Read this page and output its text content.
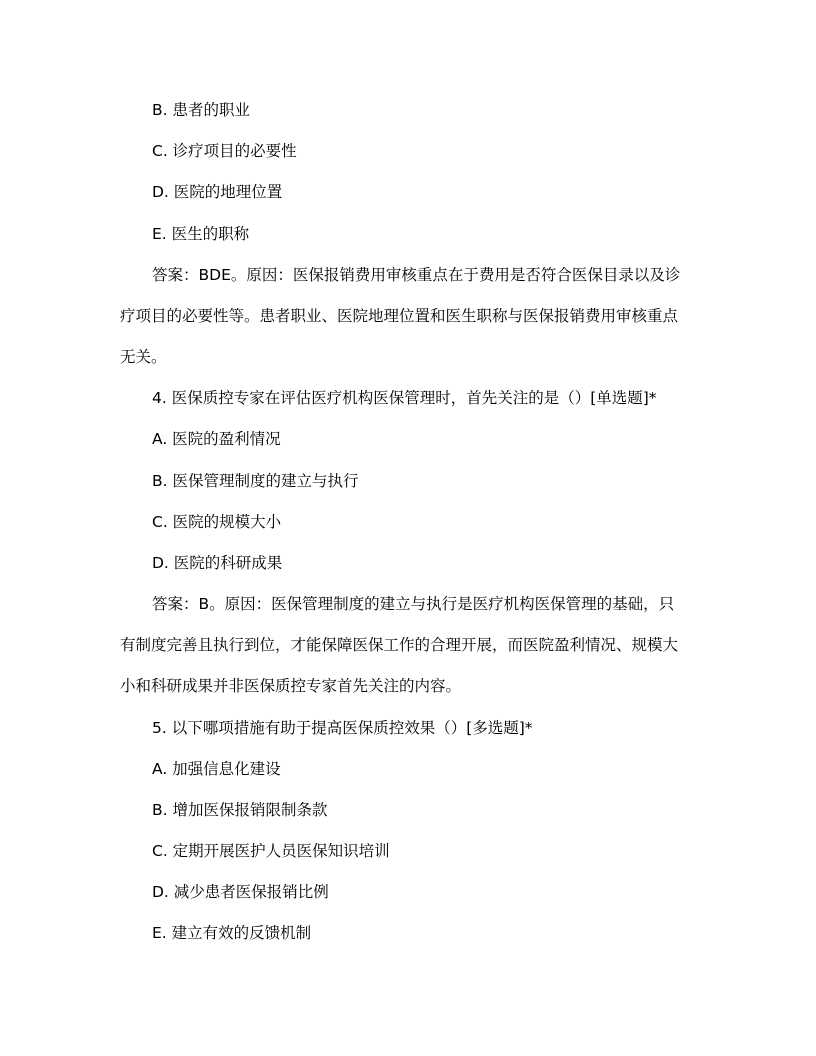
B. 患者的职业
C. 诊疗项目的必要性
D. 医院的地理位置
E. 医生的职称
答案：BDE。原因：医保报销费用审核重点在于费用是否符合医保目录以及诊
疗项目的必要性等。患者职业、医院地理位置和医生职称与医保报销费用审核重点
无关。
4. 医保质控专家在评估医疗机构医保管理时，首先关注的是（）[单选题]*
A. 医院的盈利情况
B. 医保管理制度的建立与执行
C. 医院的规模大小
D. 医院的科研成果
答案：B。原因：医保管理制度的建立与执行是医疗机构医保管理的基础，只
有制度完善且执行到位，才能保障医保工作的合理开展，而医院盈利情况、规模大
小和科研成果并非医保质控专家首先关注的内容。
5. 以下哪项措施有助于提高医保质控效果（）[多选题]*
A. 加强信息化建设
B. 增加医保报销限制条款
C. 定期开展医护人员医保知识培训
D. 减少患者医保报销比例
E. 建立有效的反馈机制
